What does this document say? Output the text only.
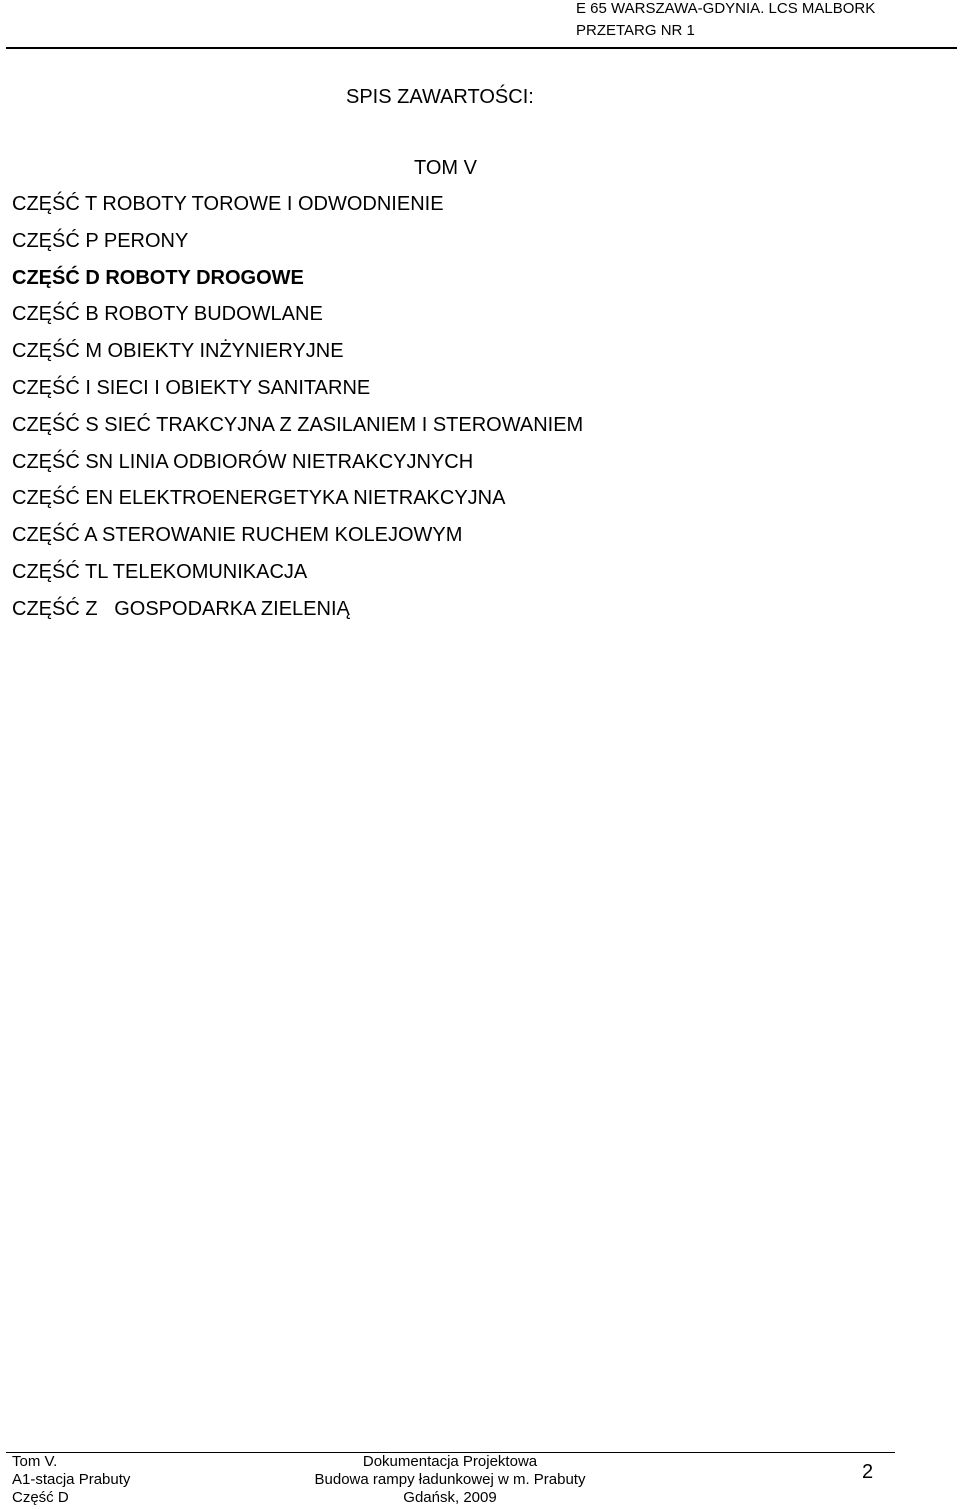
E 65 WARSZAWA-GDYNIA. LCS MALBORK
PRZETARG NR 1
SPIS ZAWARTOŚCI:
TOM V
CZĘŚĆ T ROBOTY TOROWE I ODWODNIENIE
CZĘŚĆ P PERONY
CZĘŚĆ D ROBOTY DROGOWE
CZĘŚĆ B ROBOTY BUDOWLANE
CZĘŚĆ M OBIEKTY INŻYNIERYJNE
CZĘŚĆ I SIECI I OBIEKTY SANITARNE
CZĘŚĆ S SIEĆ TRAKCYJNA Z ZASILANIEM I STEROWANIEM
CZĘŚĆ SN LINIA ODBIORÓW NIETRAKCYJNYCH
CZĘŚĆ EN ELEKTROENERGETYKA NIETRAKCYJNA
CZĘŚĆ A STEROWANIE RUCHEM KOLEJOWYM
CZĘŚĆ TL TELEKOMUNIKACJA
CZĘŚĆ Z   GOSPODARKA ZIELENIĄ
Tom V.
A1-stacja Prabuty
Część D
Dokumentacja Projektowa
Budowa rampy ładunkowej w m. Prabuty
Gdańsk, 2009
2
